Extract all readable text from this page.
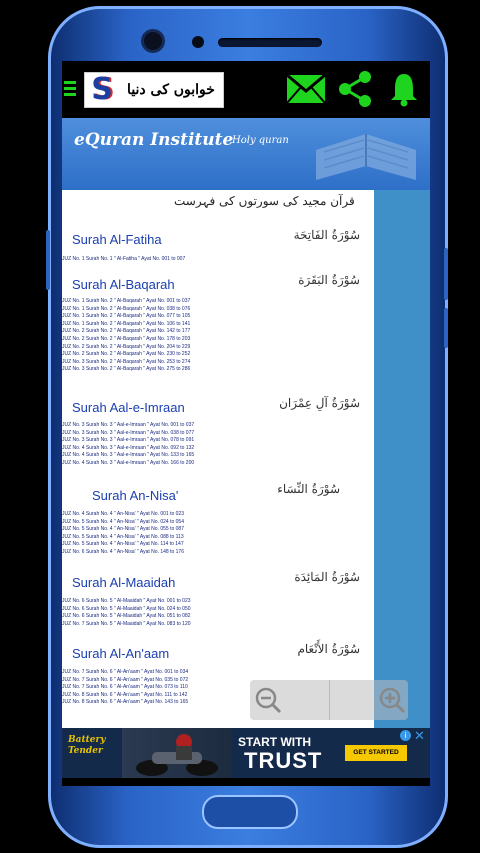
S	خوابوں کی دنیا
eQuran Institute
Holy quran
قرآن مجید کی سورتوں کی فہرست
Surah Al-Fatiha	سُوْرَةُ الفَاتِحَة
JUZ No. 1 Surah No. 1 " Al-Fatiha " Ayat No. 001 to 007
Surah Al-Baqarah	سُوْرَةُ البَقَرَة
JUZ No. 1 Surah No. 2 " Al-Baqarah " Ayat No. 001 to 037
JUZ No. 1 Surah No. 2 " Al-Baqarah " Ayat No. 038 to 076
JUZ No. 1 Surah No. 2 " Al-Baqarah " Ayat No. 077 to 105
JUZ No. 1 Surah No. 2 " Al-Baqarah " Ayat No. 106 to 141
JUZ No. 2 Surah No. 2 " Al-Baqarah " Ayat No. 142 to 177
JUZ No. 2 Surah No. 2 " Al-Baqarah " Ayat No. 178 to 203
JUZ No. 2 Surah No. 2 " Al-Baqarah " Ayat No. 204 to 229
JUZ No. 2 Surah No. 2 " Al-Baqarah " Ayat No. 230 to 252
JUZ No. 3 Surah No. 2 " Al-Baqarah " Ayat No. 253 to 274
JUZ No. 3 Surah No. 2 " Al-Baqarah " Ayat No. 275 to 286
Surah Aal-e-Imraan	سُوْرَةُ آلِ عِمْرَان
JUZ No. 3 Surah No. 3 " Aal-e-Imraan " Ayat No. 001 to 037
JUZ No. 3 Surah No. 3 " Aal-e-Imraan " Ayat No. 038 to 077
JUZ No. 3 Surah No. 3 " Aal-e-Imraan " Ayat No. 078 to 091
JUZ No. 4 Surah No. 3 " Aal-e-Imraan " Ayat No. 092 to 132
JUZ No. 4 Surah No. 3 " Aal-e-Imraan " Ayat No. 133 to 165
JUZ No. 4 Surah No. 3 " Aal-e-Imraan " Ayat No. 166 to 200
Surah An-Nisa'	سُوْرَةُ النِّسَاء
JUZ No. 4 Surah No. 4 " An-Nisa' " Ayat No. 001 to 023
JUZ No. 5 Surah No. 4 " An-Nisa' " Ayat No. 024 to 054
JUZ No. 5 Surah No. 4 " An-Nisa' " Ayat No. 055 to 087
JUZ No. 5 Surah No. 4 " An-Nisa' " Ayat No. 088 to 113
JUZ No. 5 Surah No. 4 " An-Nisa' " Ayat No. 114 to 147
JUZ No. 6 Surah No. 4 " An-Nisa' " Ayat No. 148 to 176
Surah Al-Maaidah	سُوْرَةُ المَائِدَة
JUZ No. 6 Surah No. 5 " Al-Maaidah " Ayat No. 001 to 023
JUZ No. 6 Surah No. 5 " Al-Maaidah " Ayat No. 024 to 050
JUZ No. 6 Surah No. 5 " Al-Maaidah " Ayat No. 051 to 082
JUZ No. 7 Surah No. 5 " Al-Maaidah " Ayat No. 083 to 120
Surah Al-An'aam	سُوْرَةُ الأَنْعَام
JUZ No. 7 Surah No. 6 " Al-An'aam " Ayat No. 001 to 034
JUZ No. 7 Surah No. 6 " Al-An'aam " Ayat No. 035 to 072
JUZ No. 7 Surah No. 6 " Al-An'aam " Ayat No. 073 to 110
JUZ No. 8 Surah No. 6 " Al-An'aam " Ayat No. 111 to 142
JUZ No. 8 Surah No. 6 " Al-An'aam " Ayat No. 143 to 165
Battery Tender
START WITH
TRUST	GET STARTED
i ✕
